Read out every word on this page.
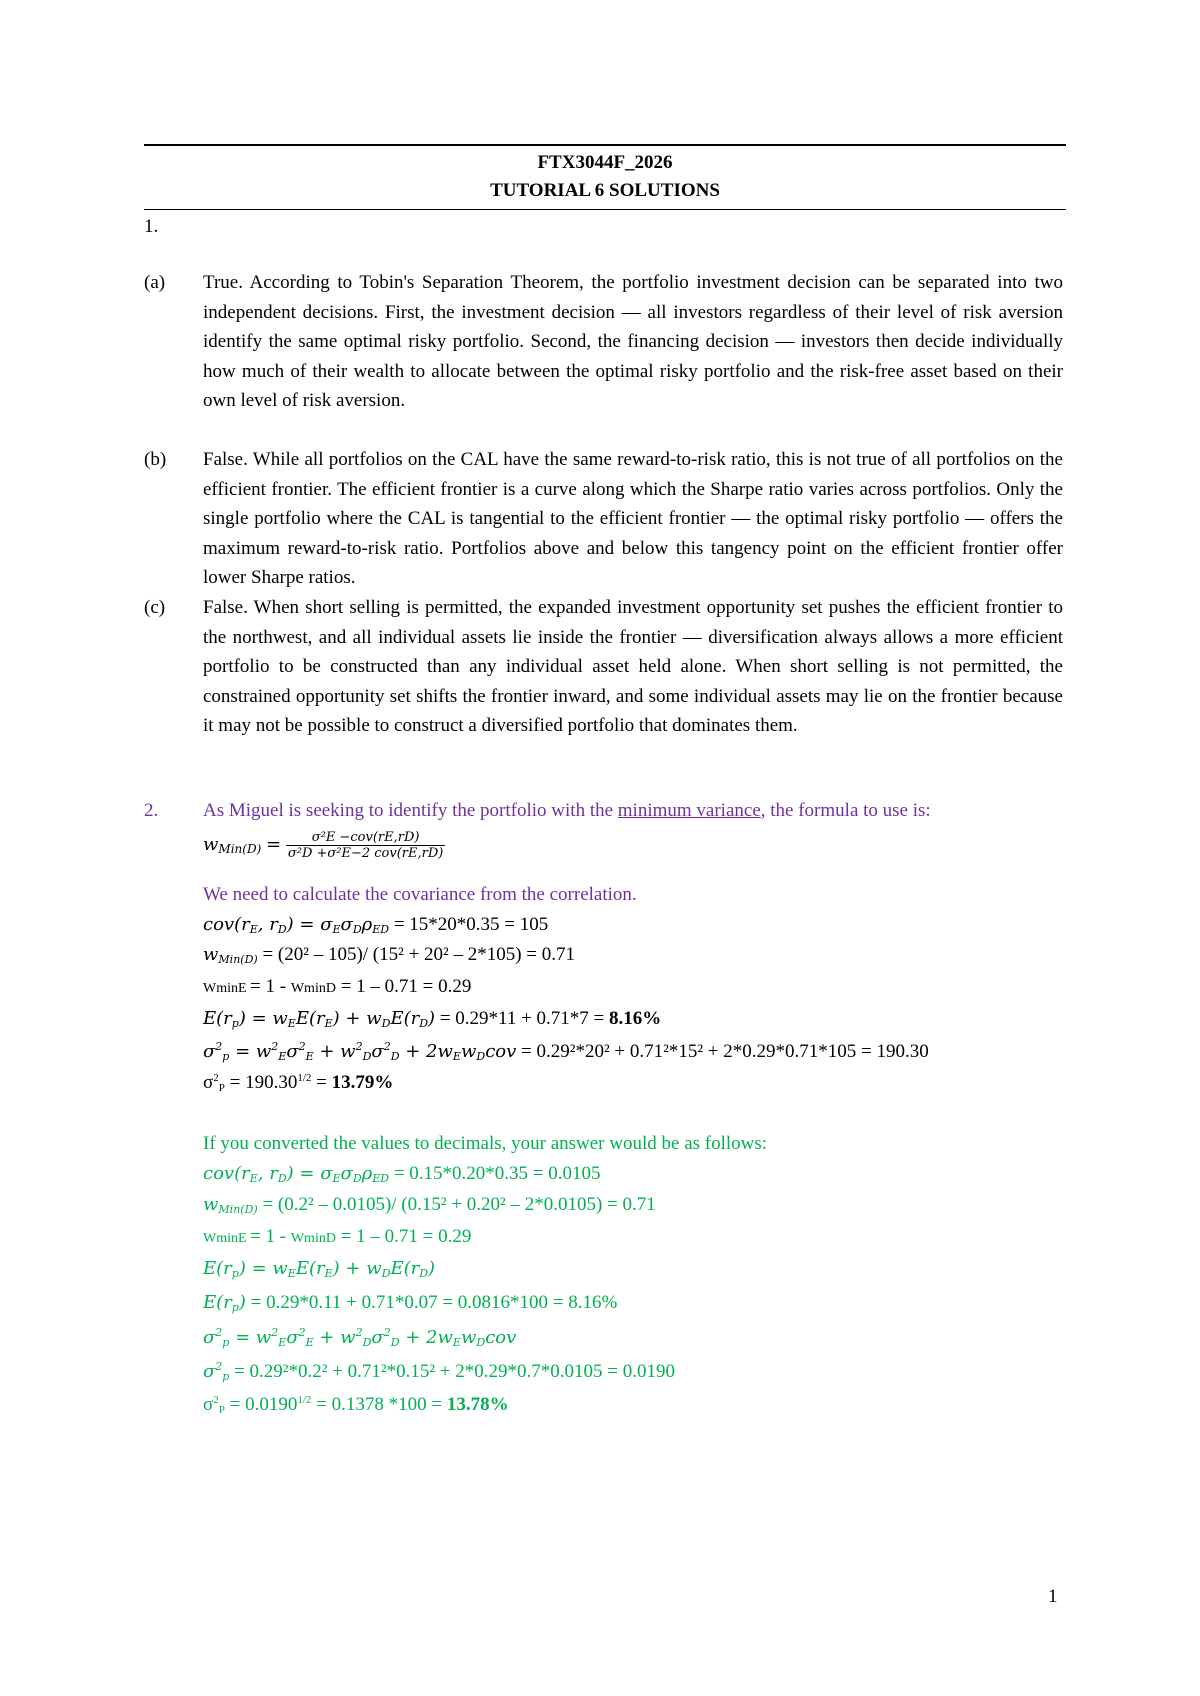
FTX3044F_2026
TUTORIAL 6 SOLUTIONS
1.
(a) True. According to Tobin's Separation Theorem, the portfolio investment decision can be separated into two independent decisions. First, the investment decision — all investors regardless of their level of risk aversion identify the same optimal risky portfolio. Second, the financing decision — investors then decide individually how much of their wealth to allocate between the optimal risky portfolio and the risk-free asset based on their own level of risk aversion.
(b) False. While all portfolios on the CAL have the same reward-to-risk ratio, this is not true of all portfolios on the efficient frontier. The efficient frontier is a curve along which the Sharpe ratio varies across portfolios. Only the single portfolio where the CAL is tangential to the efficient frontier — the optimal risky portfolio — offers the maximum reward-to-risk ratio. Portfolios above and below this tangency point on the efficient frontier offer lower Sharpe ratios.
(c) False. When short selling is permitted, the expanded investment opportunity set pushes the efficient frontier to the northwest, and all individual assets lie inside the frontier — diversification always allows a more efficient portfolio to be constructed than any individual asset held alone. When short selling is not permitted, the constrained opportunity set shifts the frontier inward, and some individual assets may lie on the frontier because it may not be possible to construct a diversified portfolio that dominates them.
2. As Miguel is seeking to identify the portfolio with the minimum variance, the formula to use is:
$w_{Min(D)} = \frac{\text{σ²E −cov(rE,rD)}}{\text{σ²D +σ²E−2 cov(rE,rD)}}$
We need to calculate the covariance from the correlation.
$cov(r_E$, $r_D) = \sigma_E\sigma_D\rho_{ED} = 15*20*0.35 = 105$
$w_{Min(D)} = (20^2 - 105)/$ (15² + 20² – 2*105) = 0.71
WminE = 1 - WminD = 1 – 0.71 = 0.29
$E(r_p) = w_EE(r_E) + w_DE(r_D) = 0.29*11 + 0.71*7 = 8.16\%$
$\sigma^2_p = w^2_E\sigma^2_E + w^2_D\sigma^2_D + 2w_Ew_Dcov = 0.29^2*20^2 + 0.71^2*15^2 + 2*0.29*0.71*105 = 190.30$
$\sigma^2_P = 190.30^{1/2} = 13.79\%$
If you converted the values to decimals, your answer would be as follows:
$cov(r_E$, $r_D) = \sigma_E\sigma_D\rho_{ED} = 0.15*0.20*0.35 = 0.0105$
$w_{Min(D)} = (0.2^2 - 0.0105)/$ (0.15² + 0.20² – 2*0.0105) = 0.71
WminE = 1 - WminD = 1 – 0.71 = 0.29
$E(r_p) = w_EE(r_E) + w_DE(r_D)$
$E(r_p) = 0.29*0.11 + 0.71*0.07 = 0.0816*100 = 8.16\%$
$\sigma^2_p = w^2_E\sigma^2_E + w^2_D\sigma^2_D + 2w_Ew_Dcov$
$\sigma^2_p = 0.29^2*0.2^2 + 0.71^2*0.15^2 + 2*0.29*0.7*0.0105 = 0.0190$
$\sigma^2_P = 0.0190^{1/2} = 0.1378$ *100 = 13.78%
1
